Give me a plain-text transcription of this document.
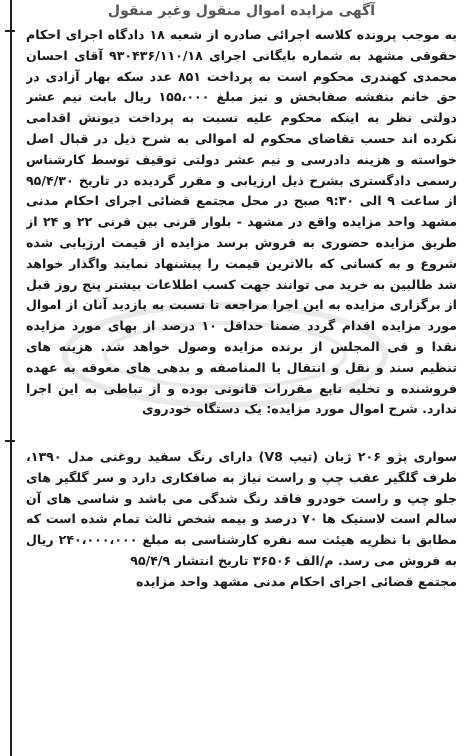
آگهی مزایده اموال منقول وغیر منقول

به موجب پرونده کلاسه اجرائی صادره از شعبه ۱۸ دادگاه اجرای احکام حقوقی مشهد به شماره بایگانی اجرای ۹۳۰۴۳۶/۱۱۰/۱۸ آقای احسان محمدی کهندری محکوم است به پرداخت ۸۵۱ عدد سکه بهار آزادی در حق خانم بنفشه صفابخش و نیز مبلغ ۱۵۵،۰۰۰ ریال بابت نیم عشر دولتی نظر به اینکه محکوم علیه نسبت به پرداخت دیونش اقدامی نکرده اند حسب تقاضای محکوم له اموالی به شرح ذیل در قبال اصل خواسته و هزینه دادرسی و نیم عشر دولتی توقیف توسط کارشناس رسمی دادگستری بشرح ذیل ارزیابی و مقرر گردیده در تاریخ ۹۵/۴/۳۰ از ساعت ۹ الی ۹:۳۰ صبح در محل مجتمع قضائی اجرای احکام مدنی مشهد واحد مزایده واقع در مشهد - بلوار قرنی بین قرنی ۲۲ و ۲۴ از طریق مزایده حضوری به فروش برسد مزایده از قیمت ارزیابی شده شروع و به کسانی که بالاترین قیمت را پیشنهاد نمایند واگذار خواهد شد طالبین به خرید می توانند جهت کسب اطلاعات بیشتر پنج روز قبل از برگزاری مزایده به این اجرا مراجعه تا نسبت به بازدید آنان از اموال مورد مزایده اقدام گردد ضمنا حداقل ۱۰ درصد از بهای مورد مزایده نقدا و فی المجلس از برنده مزایده وصول خواهد شد. هزینه های تنظیم سند و نقل و انتقال یا المناصفه و بدهی های معوقه به عهده فروشنده و تخلیه تابع مقررات قانونی بوده و از تباطی به این اجرا ندارد. شرح اموال مورد مزایده: یک دستگاه خودروی

سواری پژو ۲۰۶ ژبان (تیپ V8) دارای رنگ سفید روغنی مدل ۱۳۹۰، طرف گلگیر عقب چپ و راست نیاز به صافکاری دارد و سر گلگیر های جلو چپ و راست خودرو فاقد رنگ شدگی می باشد و شاسی های آن سالم است لاستیک ها ۷۰ درصد و بیمه شخص ثالث تمام شده است که مطابق با نظریه هیئت سه نفره کارشناسی به مبلغ ۲۴۰،۰۰۰،۰۰۰ ریال به فروش می رسد. م/الف ۳۶۵۰۶ تاریخ انتشار ۹۵/۴/۹
مجتمع قضائی اجرای احکام مدنی مشهد واحد مزایده
